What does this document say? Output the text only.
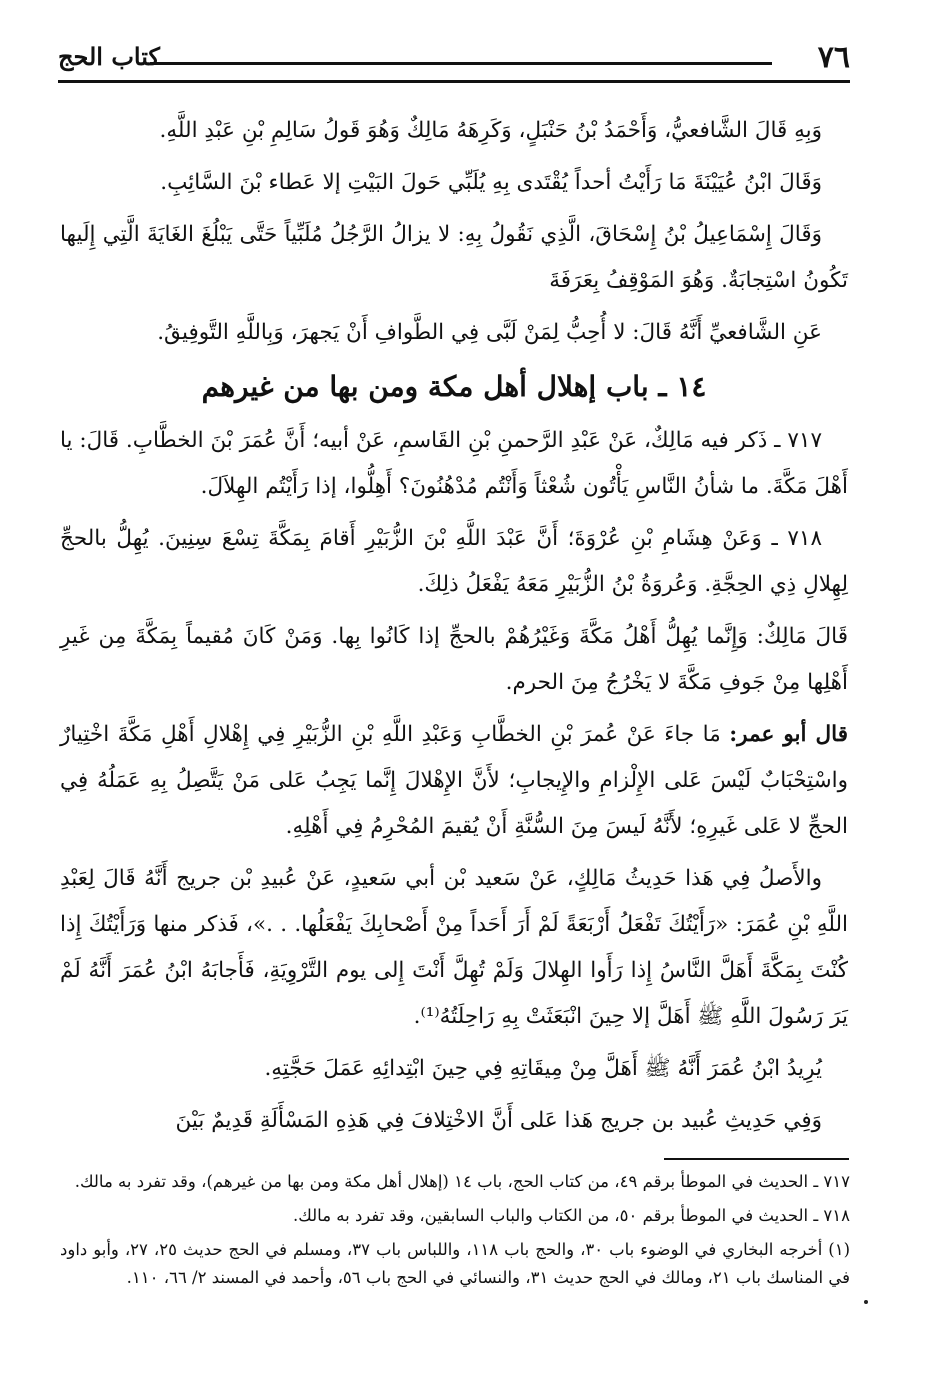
٧٦
كتاب الحج

وَبِهِ قَالَ الشَّافعيُّ، وَأَحْمَدُ بْنُ حَنْبَلٍ، وَكَرِهَهُ مَالِكٌ وَهُوَ قَولُ سَالِمِ بْنِ عَبْدِ اللَّهِ.

وَقَالَ ابْنُ عُيَيْنَةَ مَا رَأَيْتُ أحداً يُقْتَدى بِهِ يُلَبِّي حَولَ البَيْتِ إلا عَطاء بْنَ السَّائِبِ.

وَقَالَ إِسْمَاعِيلُ بْنُ إِسْحَاقَ، الَّذِي نَقُولُ بِهِ: لا يزالُ الرَّجُلُ مُلَبِّياً حَتَّى يَبْلُغَ الغَايَةَ الَّتِي إِلَيها تَكُونُ اسْتِجابَةٌ. وَهُوَ المَوْقِفُ بِعَرَفَةَ

عَنِ الشَّافعيِّ أَنَّهُ قَالَ: لا أُحِبُّ لِمَنْ لَبَّى فِي الطَّوافِ أَنْ يَجهرَ، وَبِاللَّهِ التَّوفِيقُ.

١٤ ـ باب إهلال أهل مكة ومن بها من غيرهم

٧١٧ ـ ذَكر فيه مَالِكٌ، عَنْ عَبْدِ الرَّحمنِ بْنِ القَاسمِ، عَنْ أبيه؛ أَنَّ عُمَرَ بْنَ الخطَّابِ. قَالَ: يا أَهْلَ مَكَّةَ. ما شأنُ النَّاسِ يَأْتُون شُعْثاً وَأَنْتُم مُدْهُنُونَ؟ أَهِلُّوا، إذا رَأَيْتُم الهِلاَلَ.

٧١٨ ـ وَعَنْ هِشَامِ بْنِ عُرْوَةَ؛ أَنَّ عَبْدَ اللَّهِ بْنَ الزُّبَيْرِ أَقامَ بِمَكَّةَ تِسْعَ سِنِينَ. يُهِلُّ بالحجِّ لِهِلالِ ذِي الحِجَّةِ. وَعُروَةُ بْنُ الزُّبَيْرِ مَعَهُ يَفْعَلُ ذلِكَ.

قَالَ مَالِكٌ: وَإِنَّما يُهِلُّ أَهْلُ مَكَّةَ وَغَيْرُهُمْ بالحجِّ إذا كَانُوا بِها. وَمَنْ كَانَ مُقيماً بِمَكَّةَ مِن غَيرِ أَهْلِها مِنْ جَوفِ مَكَّةَ لا يَخْرُجُ مِنَ الحرم.

قال أبو عمر: مَا جاءَ عَنْ عُمرَ بْنِ الخطَّابِ وَعَبْدِ اللَّهِ بْنِ الزُّبَيْرِ فِي إِهْلالِ أَهْلِ مَكَّةَ اخْتِيارٌ واسْتِحْبَابٌ لَيْسَ عَلى الإِلْزامِ والإِيجابِ؛ لأَنَّ الإِهْلالَ إِنَّما يَجِبُ عَلى مَنْ يَتَّصِلُ بِهِ عَمَلُهُ فِي الحجِّ لا عَلى غَيرِهِ؛ لأَنَّهُ لَيسَ مِنَ السُّنَّةِ أَنْ يُقيمَ المُحْرِمُ فِي أَهْلِهِ.

والأَصلُ فِي هَذا حَدِيثُ مَالِكٍ، عَنْ سَعيد بْن أبي سَعيدٍ، عَنْ عُبيدِ بْن جريج أَنَّهُ قَالَ لِعَبْدِ اللَّهِ بْنِ عُمَرَ: «رَأَيْتُكَ تَفْعَلُ أَرْبَعَةً لَمْ أَرَ أَحَداً مِنْ أَصْحابِكَ يَفْعَلُها. . .»، فَذكر منها وَرَأَيْتُكَ إِذا كُنْتَ بِمَكَّةَ أَهَلَّ النَّاسُ إِذا رَأَوا الهِلالَ وَلَمْ تُهِلَّ أَنْتَ إِلى يوم التَّرْوِيَةِ، فَأَجابَهُ ابْنُ عُمَرَ أَنَّهُ لَمْ يَرَ رَسُولَ اللَّهِ ﷺ أَهَلَّ إلا حِينَ انْبَعَثَتْ بِهِ رَاحِلَتُهُ⁽¹⁾.

يُرِيدُ ابْنُ عُمَرَ أَنَّهُ ﷺ أَهَلَّ مِنْ مِيقَاتِهِ فِي حِينَ ابْتِدائِهِ عَمَلَ حَجَّتِهِ.

وَفِي حَدِيثِ عُبيد بن جريج هَذا عَلى أَنَّ الاخْتِلافَ فِي هَذِهِ المَسْأَلَةِ قَدِيمٌ بَيْنَ

٧١٧ ـ الحديث في الموطأ برقم ٤٩، من كتاب الحج، باب ١٤ (إهلال أهل مكة ومن بها من غيرهم)، وقد تفرد به مالك.

٧١٨ ـ الحديث في الموطأ برقم ٥٠، من الكتاب والباب السابقين، وقد تفرد به مالك.

(١) أخرجه البخاري في الوضوء باب ٣٠، والحج باب ١١٨، واللباس باب ٣٧، ومسلم في الحج حديث ٢٥، ٢٧، وأبو داود في المناسك باب ٢١، ومالك في الحج حديث ٣١، والنسائي في الحج باب ٥٦، وأحمد في المسند ٢/ ٦٦، ١١٠.
